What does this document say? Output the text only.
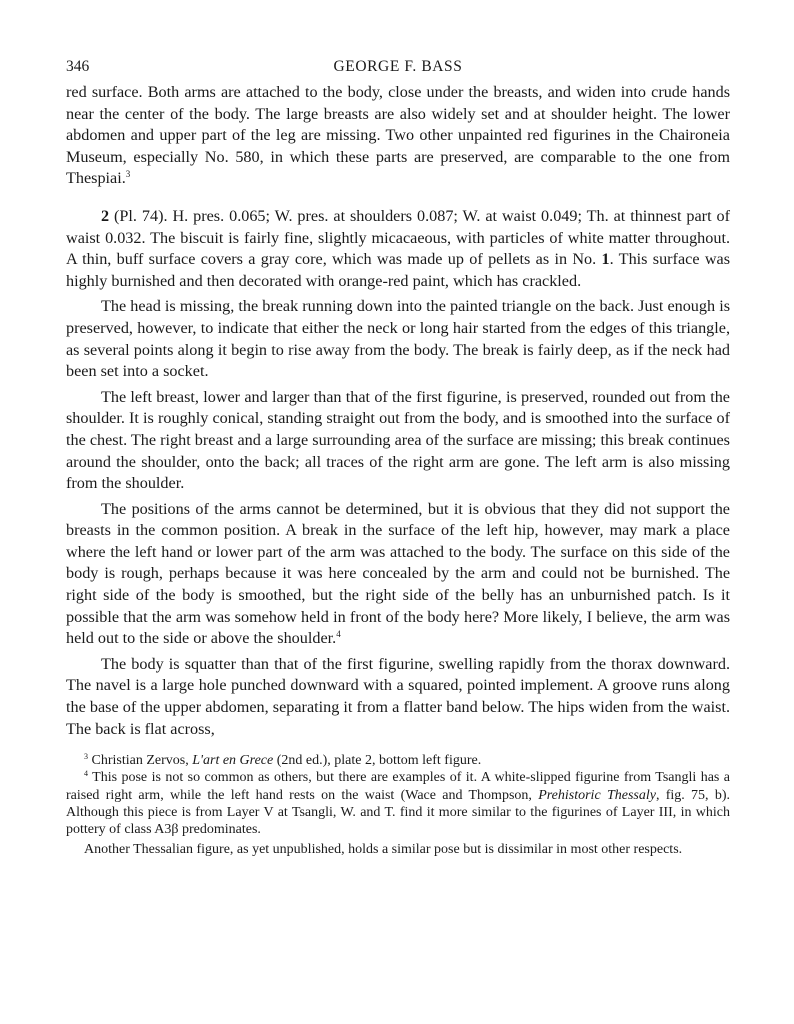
346	GEORGE F. BASS

red surface. Both arms are attached to the body, close under the breasts, and widen into crude hands near the center of the body. The large breasts are also widely set and at shoulder height. The lower abdomen and upper part of the leg are missing. Two other unpainted red figurines in the Chaironeia Museum, especially No. 580, in which these parts are preserved, are comparable to the one from Thespiai.$^3$

2 (Pl. 74). H. pres. 0.065; W. pres. at shoulders 0.087; W. at waist 0.049; Th. at thinnest part of waist 0.032. The biscuit is fairly fine, slightly micacaeous, with particles of white matter throughout. A thin, buff surface covers a gray core, which was made up of pellets as in No. 1. This surface was highly burnished and then decorated with orange-red paint, which has crackled.

The head is missing, the break running down into the painted triangle on the back. Just enough is preserved, however, to indicate that either the neck or long hair started from the edges of this triangle, as several points along it begin to rise away from the body. The break is fairly deep, as if the neck had been set into a socket.

The left breast, lower and larger than that of the first figurine, is preserved, rounded out from the shoulder. It is roughly conical, standing straight out from the body, and is smoothed into the surface of the chest. The right breast and a large surrounding area of the surface are missing; this break continues around the shoulder, onto the back; all traces of the right arm are gone. The left arm is also missing from the shoulder.

The positions of the arms cannot be determined, but it is obvious that they did not support the breasts in the common position. A break in the surface of the left hip, however, may mark a place where the left hand or lower part of the arm was attached to the body. The surface on this side of the body is rough, perhaps because it was here concealed by the arm and could not be burnished. The right side of the body is smoothed, but the right side of the belly has an unburnished patch. Is it possible that the arm was somehow held in front of the body here? More likely, I believe, the arm was held out to the side or above the shoulder.$^4$

The body is squatter than that of the first figurine, swelling rapidly from the thorax downward. The navel is a large hole punched downward with a squared, pointed implement. A groove runs along the base of the upper abdomen, separating it from a flatter band below. The hips widen from the waist. The back is flat across,

$^3$ Christian Zervos, L'art en Grece (2nd ed.), plate 2, bottom left figure.

$^4$ This pose is not so common as others, but there are examples of it. A white-slipped figurine from Tsangli has a raised right arm, while the left hand rests on the waist (Wace and Thompson, Prehistoric Thessaly, fig. 75, b). Although this piece is from Layer V at Tsangli, W. and T. find it more similar to the figurines of Layer III, in which pottery of class A3β predominates.

Another Thessalian figure, as yet unpublished, holds a similar pose but is dissimilar in most other respects.
